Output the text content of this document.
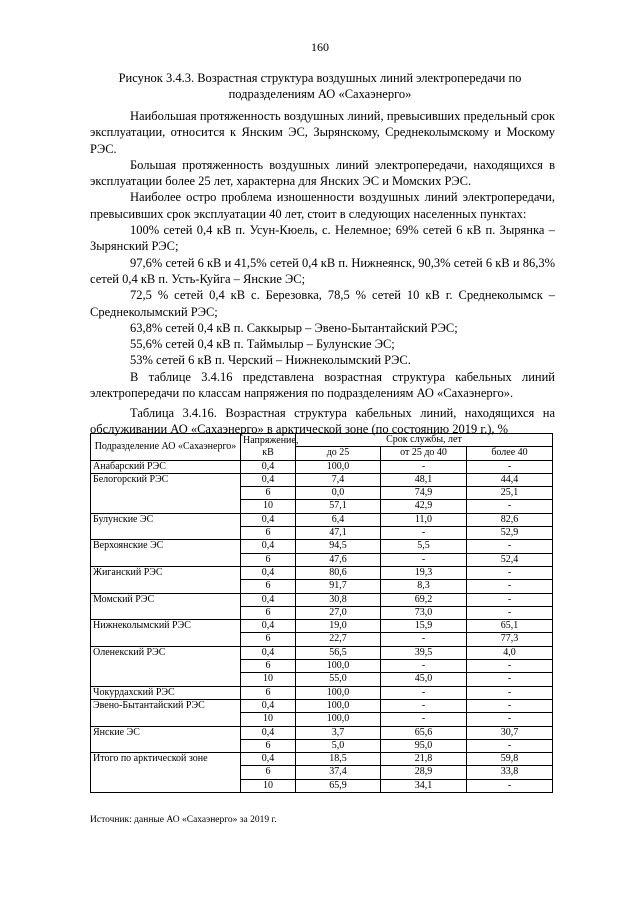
160
Рисунок 3.4.3. Возрастная структура воздушных линий электропередачи по подразделениям АО «Сахаэнерго»

Наибольшая протяженность воздушных линий, превысивших предельный срок эксплуатации, относится к Янским ЭС, Зырянскому, Среднеколымскому и Мoскому РЭС.

Большая протяженность воздушных линий электропередачи, находящихся в эксплуатации более 25 лет, характерна для Янских ЭС и Момских РЭС.

Наиболее остро проблема изношенности воздушных линий электропередачи, превысивших срок эксплуатации 40 лет, стоит в следующих населенных пунктах:

100% сетей 0,4 кВ п. Усун-Кюель, с. Нелемное; 69% сетей 6 кВ п. Зырянка – Зырянский РЭС;

97,6% сетей 6 кВ и 41,5% сетей 0,4 кВ п. Нижнеянск, 90,3% сетей 6 кВ и 86,3% сетей 0,4 кВ п. Усть-Куйга – Янские ЭС;

72,5 % сетей 0,4 кВ с. Березовка, 78,5 % сетей 10 кВ г. Среднеколымск – Среднеколымский РЭС;

63,8% сетей 0,4 кВ п. Саккырыр – Эвено-Бытантайский РЭС;

55,6% сетей 0,4 кВ п. Таймылыр – Булунские ЭС;

53% сетей 6 кВ п. Черский – Нижнеколымский РЭС.

В таблице 3.4.16 представлена возрастная структура кабельных линий электропередачи по классам напряжения по подразделениям АО «Сахаэнерго».

Таблица 3.4.16. Возрастная структура кабельных линий, находящихся на обслуживании АО «Сахаэнерго» в арктической зоне (по состоянию 2019 г.), %

Подразделение АО «Сахаэнерго»	Напряжение, кВ	Срок службы, лет		
		до 25	от 25 до 40	более 40
Анабарский РЭС	0,4	100,0	-	-
Белогорский РЭС	0,4	7,4	48,1	44,4
	6	0,0	74,9	25,1
	10	57,1	42,9	-
Булунские ЭС	0,4	6,4	11,0	82,6
	6	47,1	-	52,9
Верхоянские ЭС	0,4	94,5	5,5	-
	6	47,6	-	52,4
Жиганский РЭС	0,4	80,6	19,3	-
	6	91,7	8,3	-
Момский РЭС	0,4	30,8	69,2	-
	6	27,0	73,0	-
Нижнеколымский РЭС	0,4	19,0	15,9	65,1
	6	22,7	-	77,3
Оленекский РЭС	0,4	56,5	39,5	4,0
	6	100,0	-	-
	10	55,0	45,0	-
Чокурдахский РЭС	6	100,0	-	-
Эвено-Бытантайский РЭС	0,4	100,0	-	-
	10	100,0	-	-
Янские ЭС	0,4	3,7	65,6	30,7
	6	5,0	95,0	-
Итого по арктической зоне	0,4	18,5	21,8	59,8
	6	37,4	28,9	33,8
	10	65,9	34,1	-
Источник: данные АО «Сахаэнерго» за 2019 г.
